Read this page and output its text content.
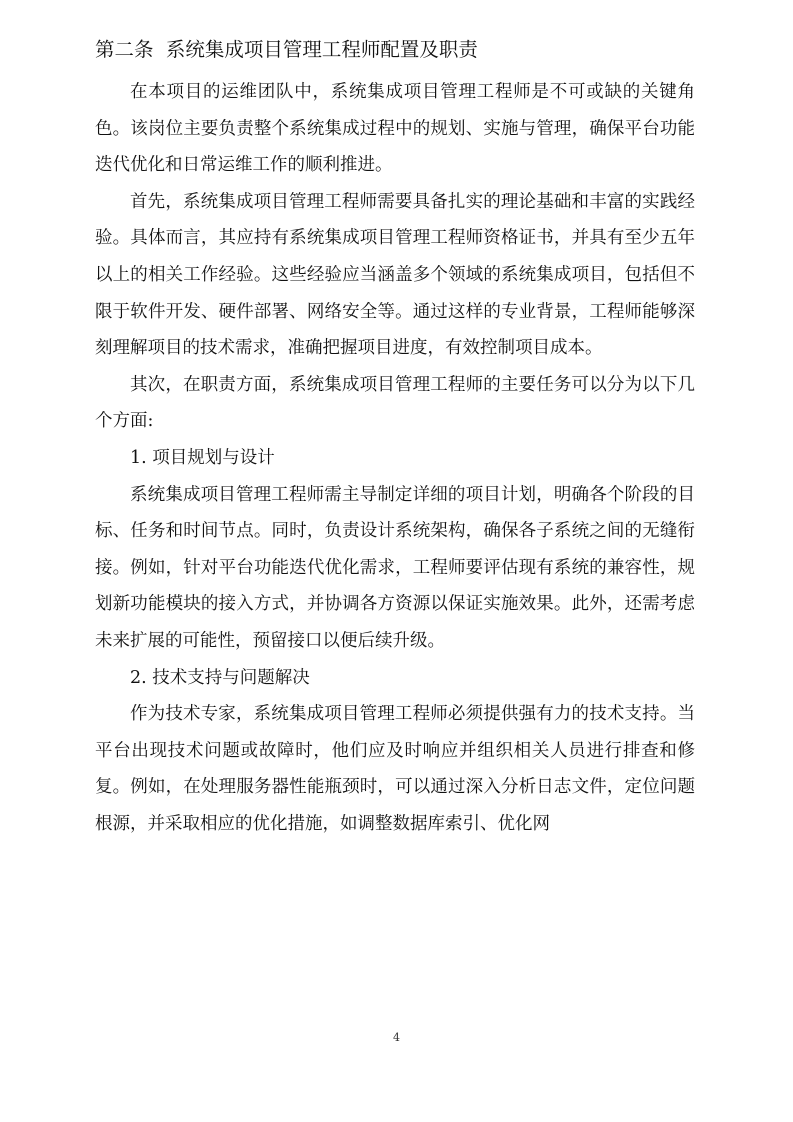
第二条  系统集成项目管理工程师配置及职责

在本项目的运维团队中，系统集成项目管理工程师是不可或缺的关键角色。该岗位主要负责整个系统集成过程中的规划、实施与管理，确保平台功能迭代优化和日常运维工作的顺利推进。

首先，系统集成项目管理工程师需要具备扎实的理论基础和丰富的实践经验。具体而言，其应持有系统集成项目管理工程师资格证书，并具有至少五年以上的相关工作经验。这些经验应当涵盖多个领域的系统集成项目，包括但不限于软件开发、硬件部署、网络安全等。通过这样的专业背景，工程师能够深刻理解项目的技术需求，准确把握项目进度，有效控制项目成本。

其次，在职责方面，系统集成项目管理工程师的主要任务可以分为以下几个方面:

1. 项目规划与设计

系统集成项目管理工程师需主导制定详细的项目计划，明确各个阶段的目标、任务和时间节点。同时，负责设计系统架构，确保各子系统之间的无缝衔接。例如，针对平台功能迭代优化需求，工程师要评估现有系统的兼容性，规划新功能模块的接入方式，并协调各方资源以保证实施效果。此外，还需考虑未来扩展的可能性，预留接口以便后续升级。

2. 技术支持与问题解决

作为技术专家，系统集成项目管理工程师必须提供强有力的技术支持。当平台出现技术问题或故障时，他们应及时响应并组织相关人员进行排查和修复。例如，在处理服务器性能瓶颈时，可以通过深入分析日志文件，定位问题根源，并采取相应的优化措施，如调整数据库索引、优化网

4
